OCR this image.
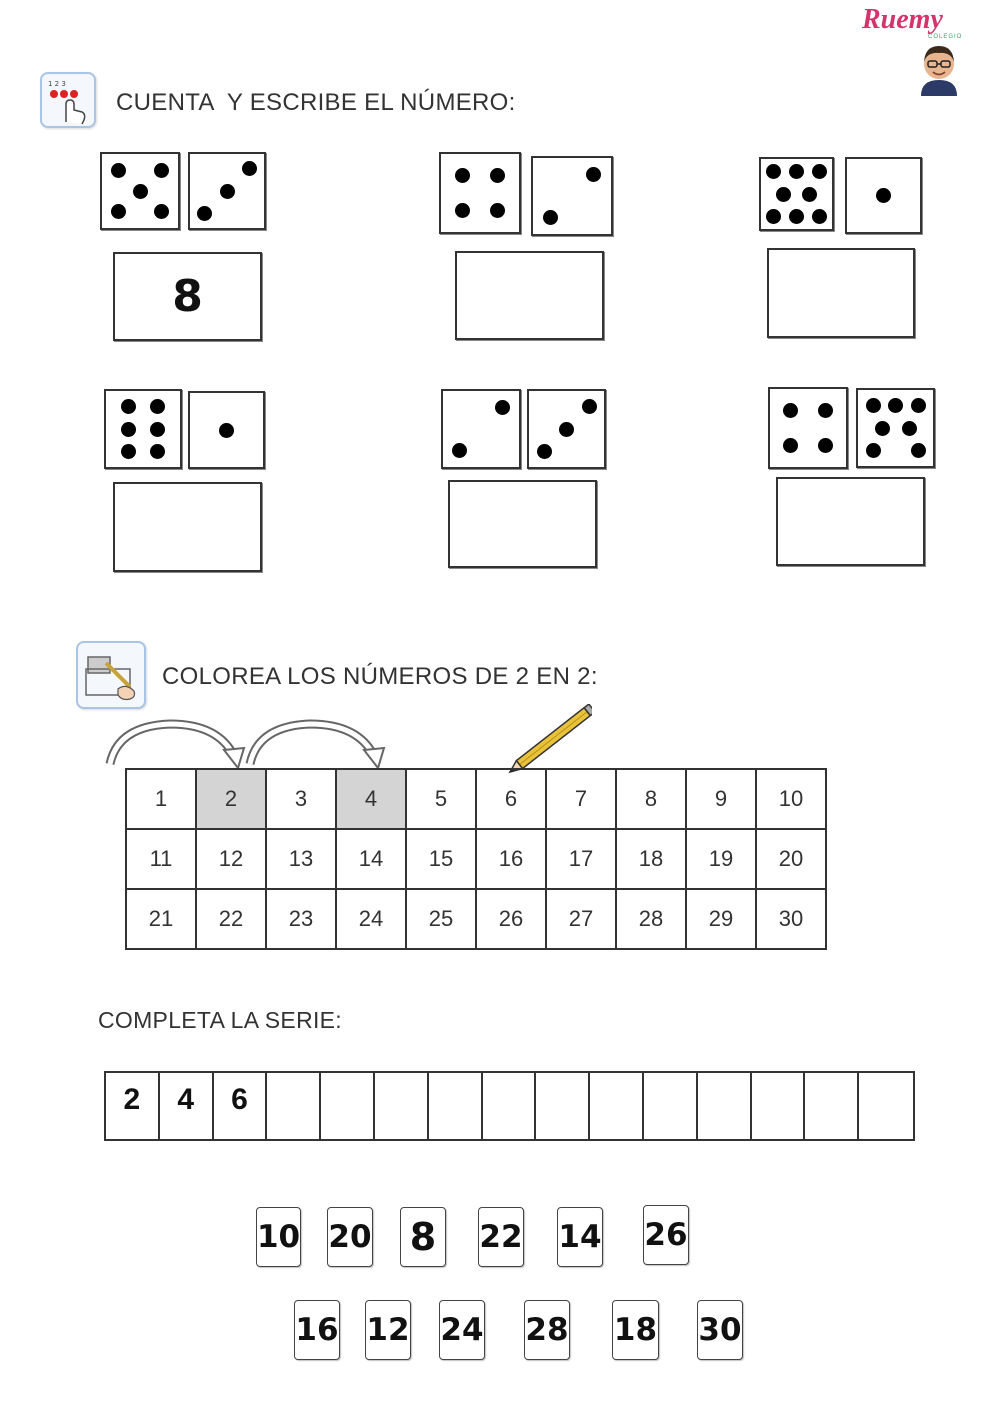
Ruemy
COLEGIO
1 2 3
CUENTA  Y ESCRIBE EL NÚMERO:
8
COLOREA LOS NÚMEROS DE 2 EN 2:
1	2	3	4	5	6	7	8	9	10
11	12	13	14	15	16	17	18	19	20
21	22	23	24	25	26	27	28	29	30
COMPLETA LA SERIE:
2	4	6
10 20 8	22 14 26
16 12 24 28 18 30
